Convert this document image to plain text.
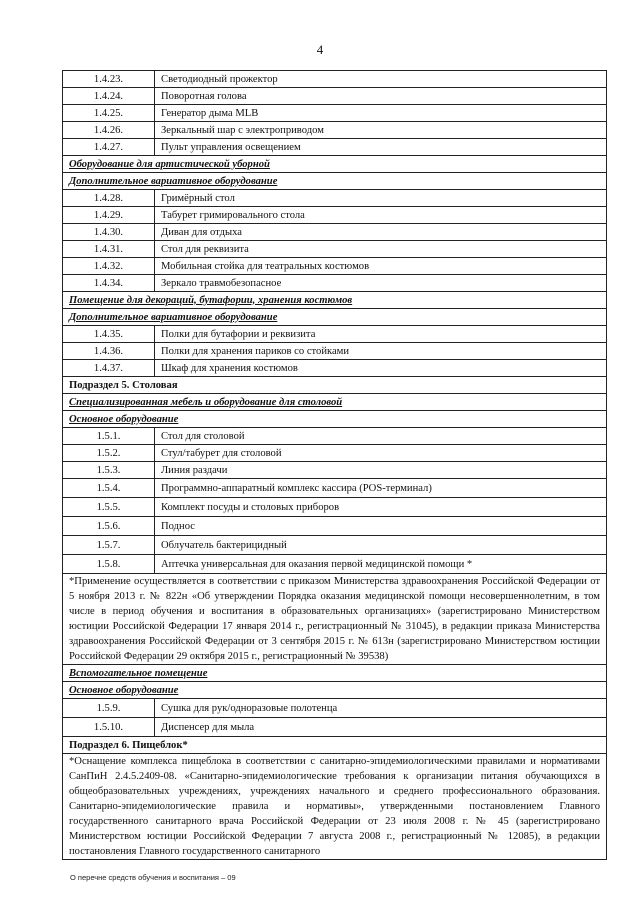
4
1.4.23.	Светодиодный прожектор
1.4.24.	Поворотная голова
1.4.25.	Генератор дыма MLB
1.4.26.	Зеркальный шар с электроприводом
1.4.27.	Пульт управления освещением
Оборудование для артистической уборной	
Дополнительное вариативное оборудование	
1.4.28.	Гримёрный стол
1.4.29.	Табурет гримировального стола
1.4.30.	Диван для отдыха
1.4.31.	Стол для реквизита
1.4.32.	Мобильная стойка для театральных костюмов
1.4.34.	Зеркало травмобезопасное
Помещение для декораций, бутафории, хранения костюмов	
Дополнительное вариативное оборудование	
1.4.35.	Полки для бутафории и реквизита
1.4.36.	Полки для хранения париков со стойками
1.4.37.	Шкаф для хранения костюмов
Подраздел 5. Столовая	
Специализированная мебель и оборудование для столовой	
Основное оборудование	
1.5.1.	Стол для столовой
1.5.2.	Стул/табурет для столовой
1.5.3.	Линия раздачи
1.5.4.	Программно-аппаратный комплекс кассира (POS-терминал)
1.5.5.	Комплект посуды и столовых приборов
1.5.6.	Поднос
1.5.7.	Облучатель бактерицидный
1.5.8.	Аптечка универсальная для оказания первой медицинской помощи *
*Применение осуществляется в соответствии с приказом Министерства здравоохранения Российской Федерации от 5 ноября 2013 г. № 822н «Об утверждении Порядка оказания медицинской помощи несовершеннолетним, в том числе в период обучения и воспитания в образовательных организациях» (зарегистрировано Министерством юстиции Российской Федерации 17 января 2014 г., регистрационный № 31045), в редакции приказа Министерства здравоохранения Российской Федерации от 3 сентября 2015 г. № 613н (зарегистрировано Министерством юстиции Российской Федерации 29 октября 2015 г., регистрационный № 39538)	
Вспомогательное помещение	
Основное оборудование	
1.5.9.	Сушка для рук/одноразовые полотенца
1.5.10.	Диспенсер для мыла
Подраздел 6. Пищеблок*	
*Оснащение комплекса пищеблока в соответствии с санитарно-эпидемиологическими правилами и нормативами СанПиН 2.4.5.2409-08. «Санитарно-эпидемиологические требования к организации питания обучающихся в общеобразовательных учреждениях, учреждениях начального и среднего профессионального образования. Санитарно-эпидемиологические правила и нормативы», утвержденными постановлением Главного государственного санитарного врача Российской Федерации от 23 июля 2008 г. № 45 (зарегистрировано Министерством юстиции Российской Федерации 7 августа 2008 г., регистрационный № 12085), в редакции постановления Главного государственного санитарного	
О перечне средств обучения и воспитания – 09
